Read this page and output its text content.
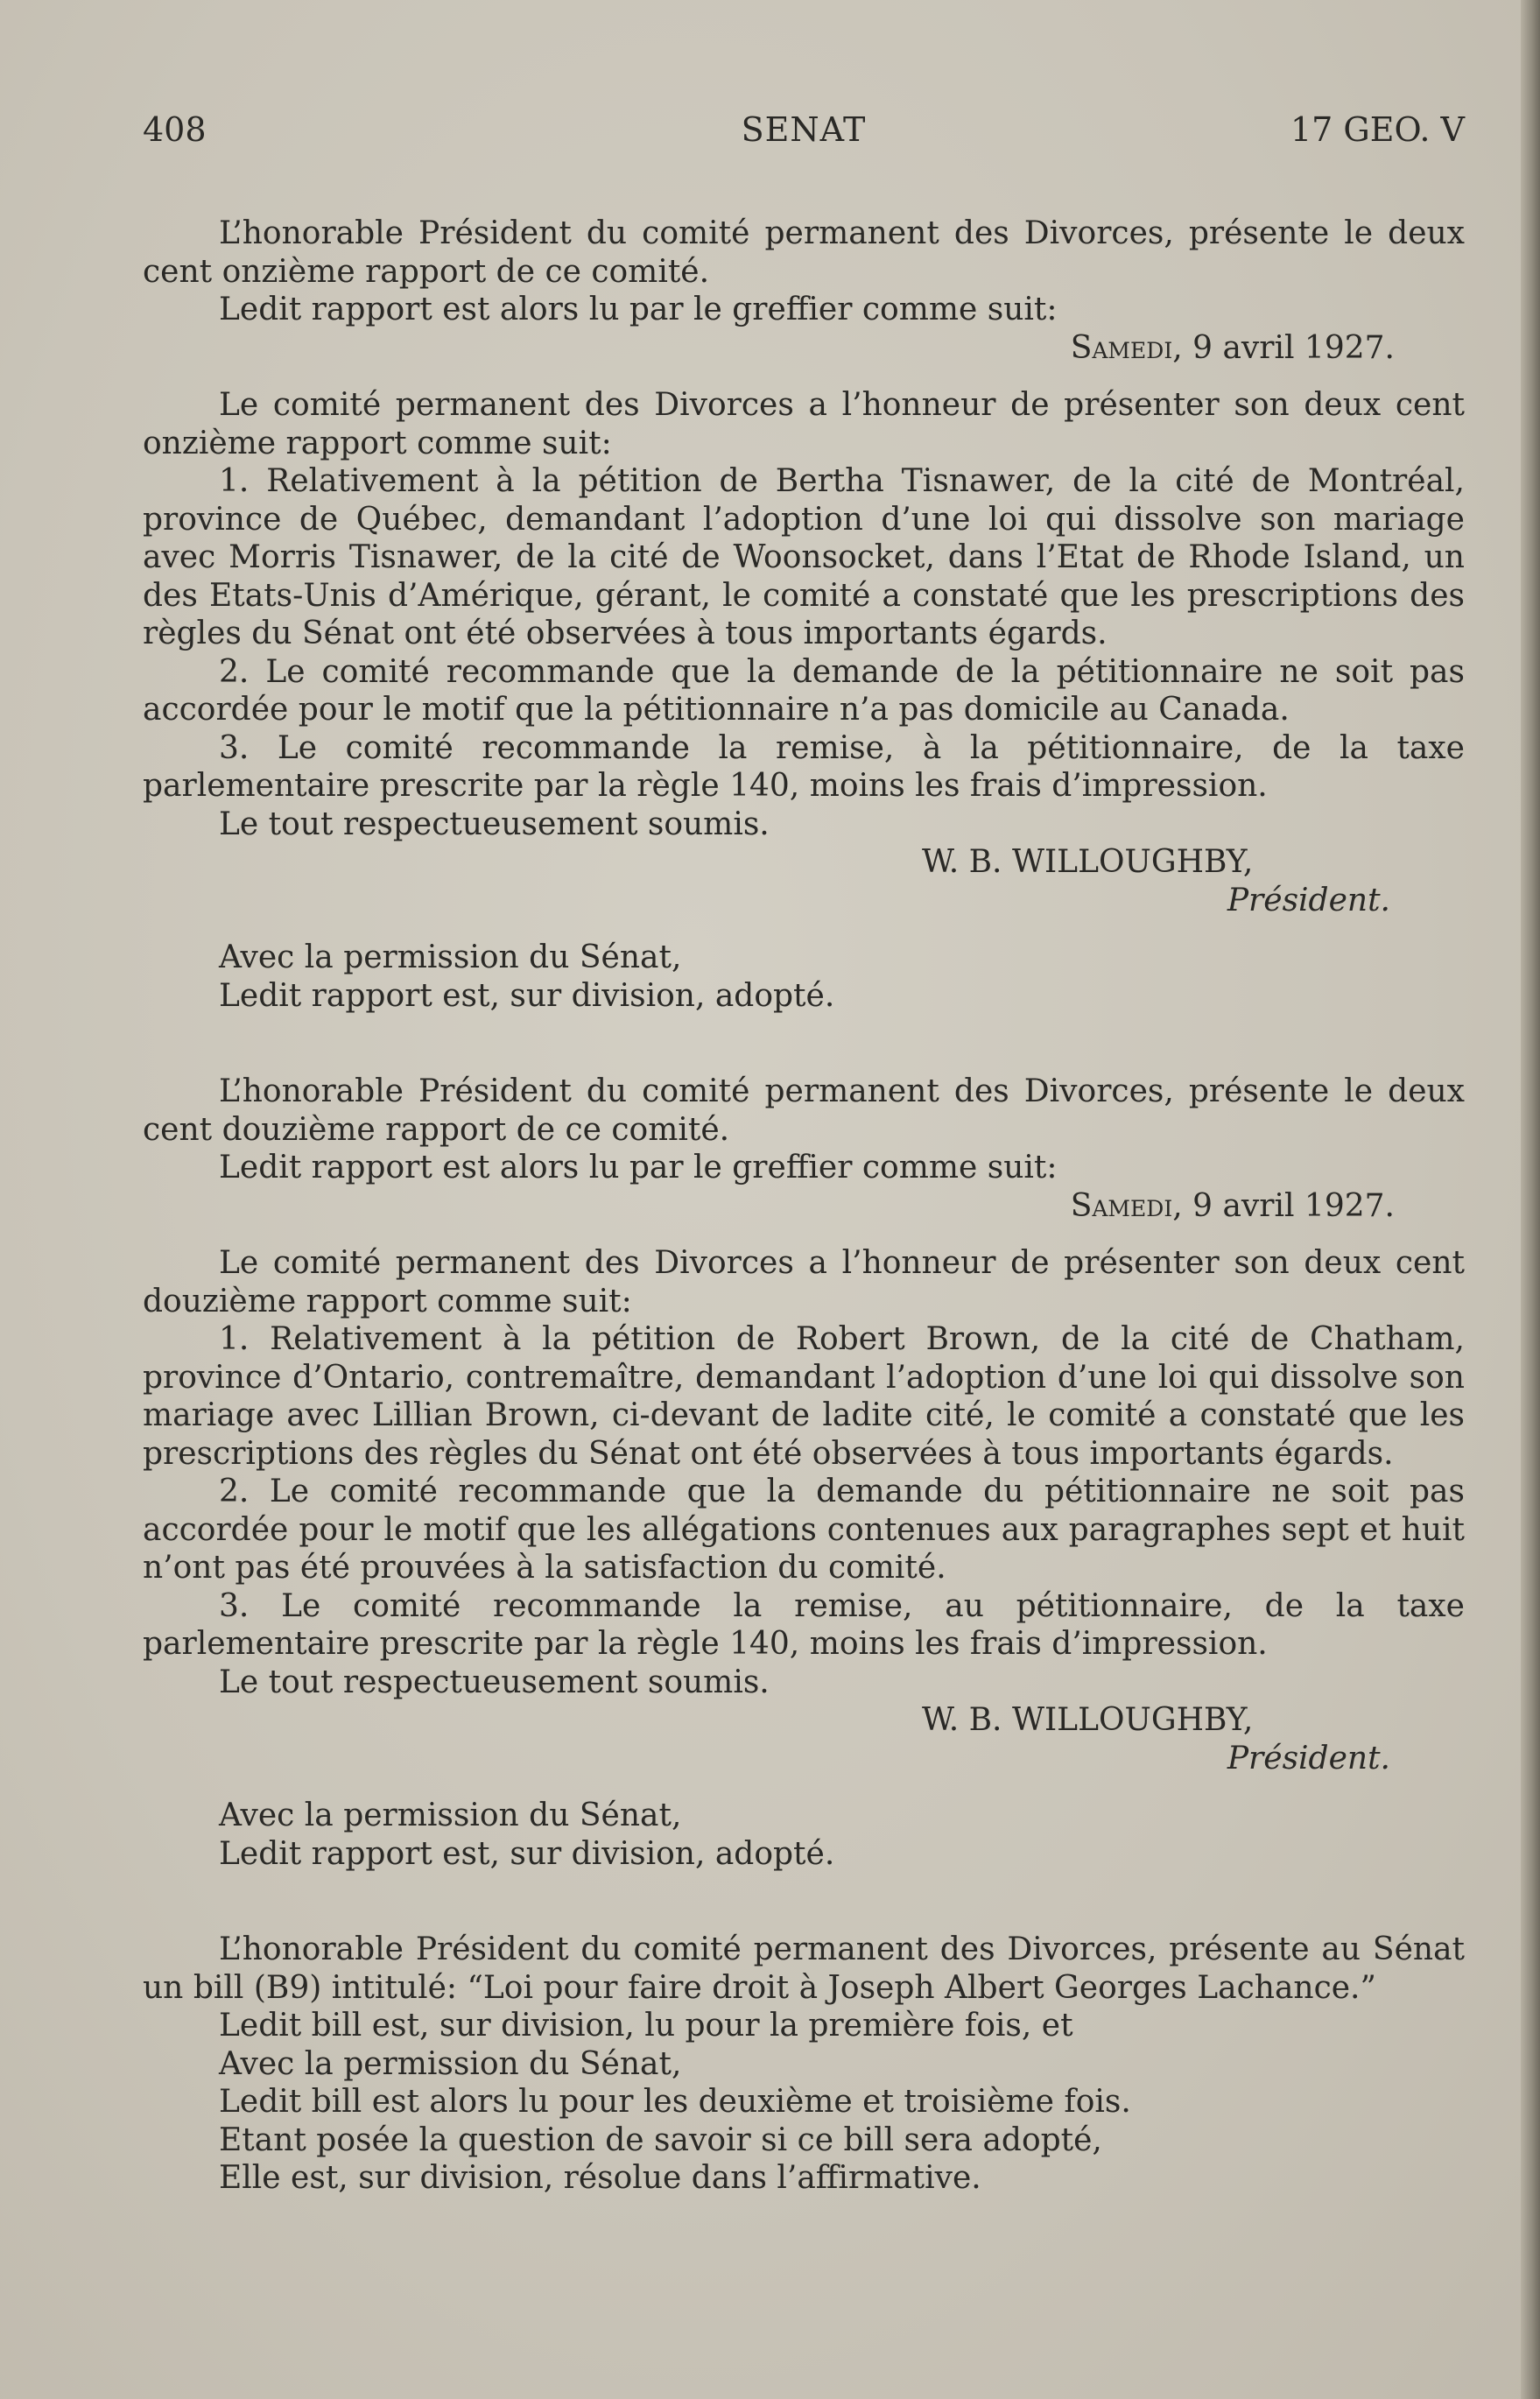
408	SENAT	17 GEO. V

L’honorable Président du comité permanent des Divorces, présente le deux cent onzième rapport de ce comité.

Ledit rapport est alors lu par le greffier comme suit:

Samedi, 9 avril 1927.

Le comité permanent des Divorces a l’honneur de présenter son deux cent onzième rapport comme suit:

1. Relativement à la pétition de Bertha Tisnawer, de la cité de Montréal, province de Québec, demandant l’adoption d’une loi qui dissolve son mariage avec Morris Tisnawer, de la cité de Woonsocket, dans l’Etat de Rhode Island, un des Etats-Unis d’Amérique, gérant, le comité a constaté que les prescriptions des règles du Sénat ont été observées à tous importants égards.

2. Le comité recommande que la demande de la pétitionnaire ne soit pas accordée pour le motif que la pétitionnaire n’a pas domicile au Canada.

3. Le comité recommande la remise, à la pétitionnaire, de la taxe parlementaire prescrite par la règle 140, moins les frais d’impression.

Le tout respectueusement soumis.

W. B. WILLOUGHBY,

Président.

Avec la permission du Sénat,

Ledit rapport est, sur division, adopté.

L’honorable Président du comité permanent des Divorces, présente le deux cent douzième rapport de ce comité.

Ledit rapport est alors lu par le greffier comme suit:

Samedi, 9 avril 1927.

Le comité permanent des Divorces a l’honneur de présenter son deux cent douzième rapport comme suit:

1. Relativement à la pétition de Robert Brown, de la cité de Chatham, province d’Ontario, contremaître, demandant l’adoption d’une loi qui dissolve son mariage avec Lillian Brown, ci-devant de ladite cité, le comité a constaté que les prescriptions des règles du Sénat ont été observées à tous importants égards.

2. Le comité recommande que la demande du pétitionnaire ne soit pas accordée pour le motif que les allégations contenues aux paragraphes sept et huit n’ont pas été prouvées à la satisfaction du comité.

3. Le comité recommande la remise, au pétitionnaire, de la taxe parlementaire prescrite par la règle 140, moins les frais d’impression.

Le tout respectueusement soumis.

W. B. WILLOUGHBY,

Président.

Avec la permission du Sénat,

Ledit rapport est, sur division, adopté.

L’honorable Président du comité permanent des Divorces, présente au Sénat un bill (B9) intitulé: “Loi pour faire droit à Joseph Albert Georges Lachance.”

Ledit bill est, sur division, lu pour la première fois, et

Avec la permission du Sénat,

Ledit bill est alors lu pour les deuxième et troisième fois.

Etant posée la question de savoir si ce bill sera adopté,

Elle est, sur division, résolue dans l’affirmative.
